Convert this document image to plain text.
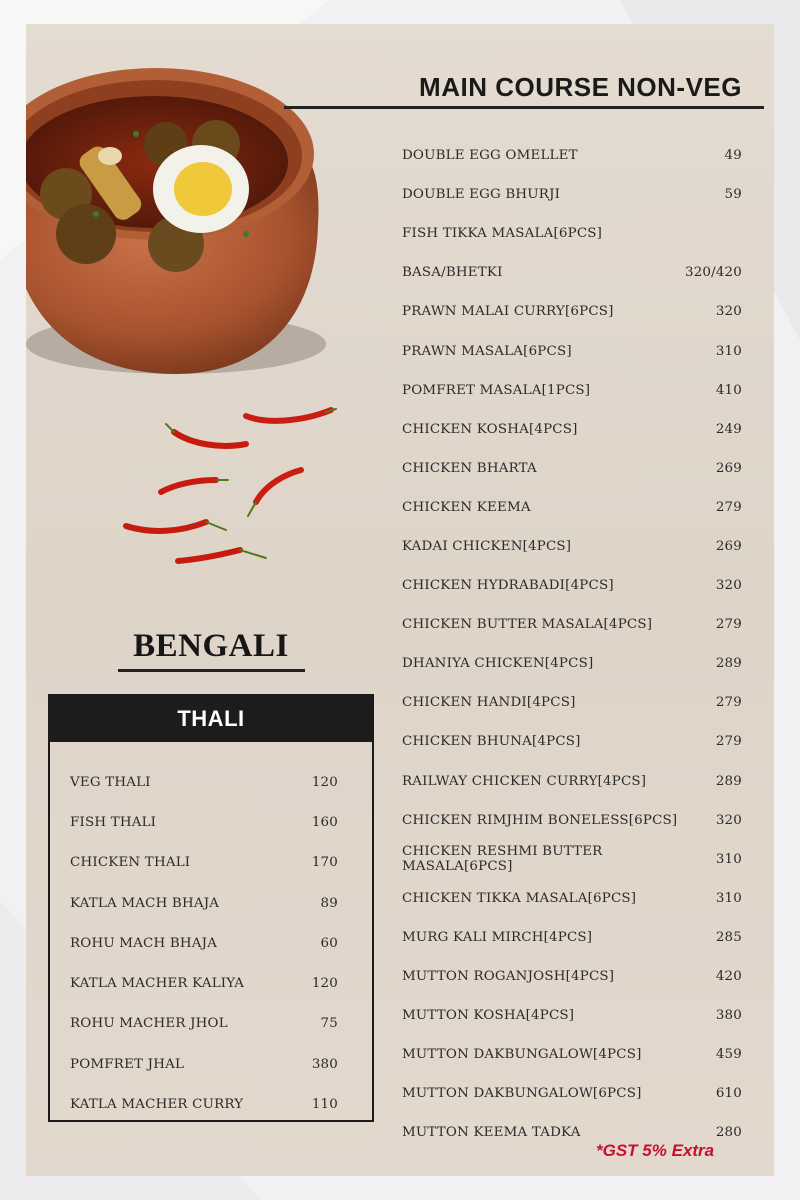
MAIN COURSE NON-VEG
DOUBLE EGG OMELLET	49
DOUBLE EGG BHURJI	59
FISH TIKKA MASALA[6PCS]
BASA/BHETKI	320/420
PRAWN MALAI CURRY[6PCS]	320
PRAWN MASALA[6PCS]	310
POMFRET MASALA[1PCS]	410
CHICKEN KOSHA[4PCS]	249
CHICKEN BHARTA	269
CHICKEN KEEMA	279
KADAI CHICKEN[4PCS]	269
CHICKEN HYDRABADI[4PCS]	320
CHICKEN BUTTER MASALA[4PCS]	279
DHANIYA CHICKEN[4PCS]	289
CHICKEN HANDI[4PCS]	279
CHICKEN BHUNA[4PCS]	279
RAILWAY CHICKEN CURRY[4PCS]	289
CHICKEN RIMJHIM BONELESS[6PCS]	320
CHICKEN RESHMI BUTTER MASALA[6PCS]	310
CHICKEN TIKKA MASALA[6PCS]	310
MURG KALI MIRCH[4PCS]	285
MUTTON ROGANJOSH[4PCS]	420
MUTTON KOSHA[4PCS]	380
MUTTON DAKBUNGALOW[4PCS]	459
MUTTON DAKBUNGALOW[6PCS]	610
MUTTON KEEMA TADKA	280
*GST 5% Extra
BENGALI
THALI
VEG THALI	120
FISH THALI	160
CHICKEN THALI	170
KATLA MACH BHAJA	89
ROHU MACH BHAJA	60
KATLA MACHER KALIYA	120
ROHU MACHER JHOL	75
POMFRET JHAL	380
KATLA MACHER CURRY	110
